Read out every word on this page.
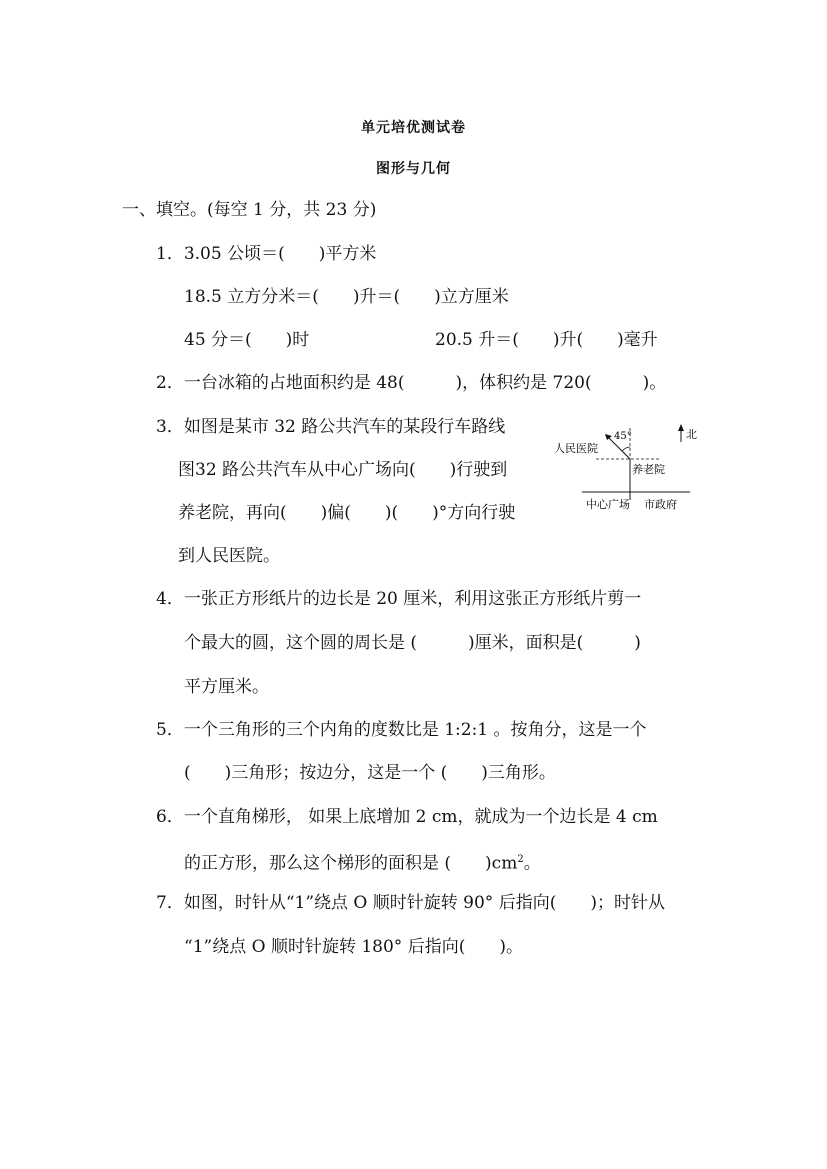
单元培优测试卷
图形与几何
一、填空。(每空 1 分，共 23 分)
1．3.05 公顷＝(　　)平方米
18.5 立方分米＝(　　)升＝(　　)立方厘米
45 分＝(　　)时	20.5 升＝(　　)升(　　)毫升
2．一台冰箱的占地面积约是 48(　　　)，体积约是 720(　　　)。
3．如图是某市 32 路公共汽车的某段行车路线
图32 路公共汽车从中心广场向(　　)行驶到
养老院，再向(　　)偏(　　)(　　)°方向行驶
到人民医院。
北
45°
人民医院
养老院
中心广场 市政府
4．一张正方形纸片的边长是 20 厘米，利用这张正方形纸片剪一
个最大的圆，这个圆的周长是 (　　　)厘米，面积是(　　　)
平方厘米。
5．一个三角形的三个内角的度数比是 1:2:1 。按角分，这是一个
(　　)三角形；按边分，这是一个 (　　)三角形。
6．一个直角梯形， 如果上底增加 2 cm，就成为一个边长是 4 cm
的正方形，那么这个梯形的面积是 (　　)$cm^2$。
7．如图，时针从“1”绕点 O 顺时针旋转 90° 后指向(　　)；时针从
“1”绕点 O 顺时针旋转 180° 后指向(　　)。
